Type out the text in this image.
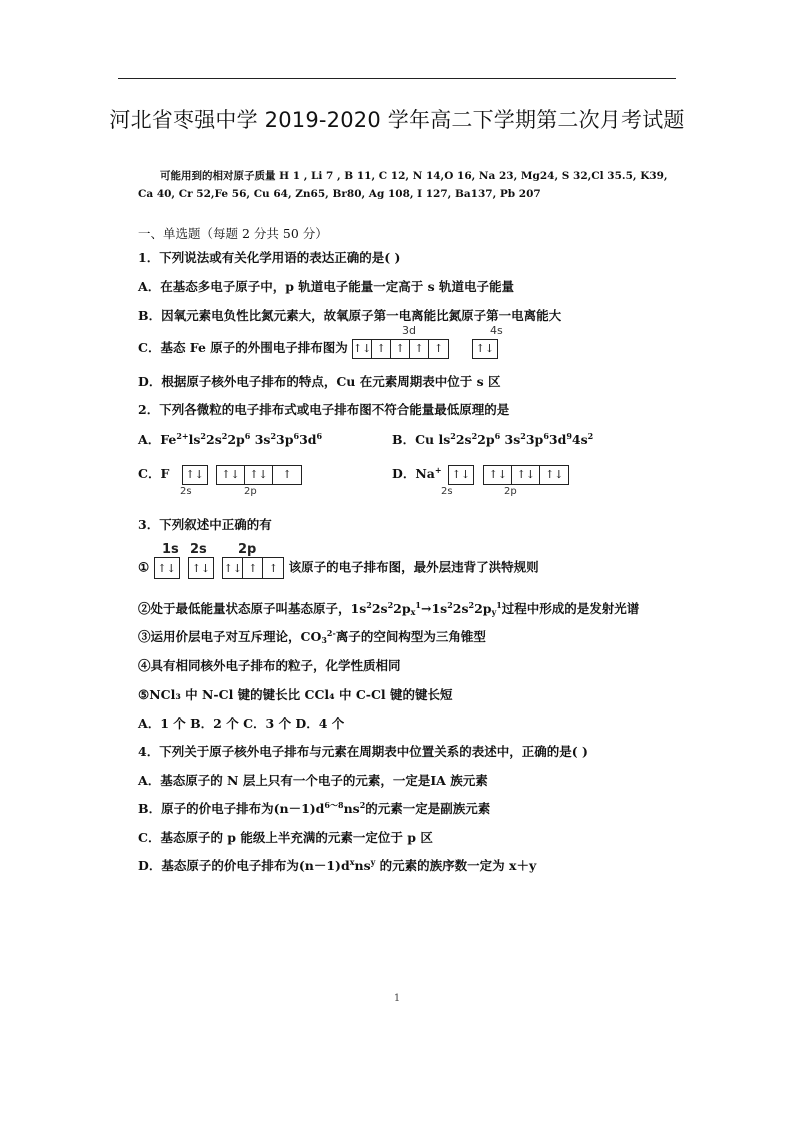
河北省枣强中学 2019-2020 学年高二下学期第二次月考试题
可能用到的相对原子质量 H 1 , Li 7 , B 11, C 12, N 14,O 16, Na 23, Mg24, S 32,Cl 35.5, K39,
Ca 40, Cr 52,Fe 56, Cu 64, Zn65, Br80, Ag 108, I 127, Ba137, Pb 207
一、单选题（每题 2 分共 50 分）
1．下列说法或有关化学用语的表达正确的是( )
A．在基态多电子原子中，p 轨道电子能量一定高于 s 轨道电子能量
B．因氧元素电负性比氮元素大，故氧原子第一电离能比氮原子第一电离能大
C．基态 Fe 原子的外围电子排布图为 ↑↓ ↑ ↑ ↑ ↑
	↑↓
3d	4s
D．根据原子核外电子排布的特点，Cu 在元素周期表中位于 s 区
2．下列各微粒的电子排布式或电子排布图不符合能量最低原理的是
A．$Fe^{2+}ls^22s^22p^6$ $3s^23p^63d^6$	B．Cu $ls^22s^22p^6$ $3s^23p^63d^94s^2$
C．F ↑↓
	↑↓ ↑↓	↑
2s	2p
D．Na+ ↑↓
	↑↓ ↑↓ ↑↓
2s	2p
3．下列叙述中正确的有
1s 2s 2p
① ↑↓
↑↓
↑↓ ↑	↑ 该原子的电子排布图，最外层违背了洪特规则
②处于最低能量状态原子叫基态原子，$1s^22s^22p_x^1\to 1s^22s^22p_y^1$过程中形成的是发射光谱
③运用价层电子对互斥理论，$CO_3^{2-}$离子的空间构型为三角锥型
④具有相同核外电子排布的粒子，化学性质相同
⑤NCl₃ 中 N-Cl 键的键长比 CCl₄ 中 C-Cl 键的键长短
A．1 个 B．2 个 C．3 个 D．4 个
4．下列关于原子核外电子排布与元素在周期表中位置关系的表述中，正确的是( )
A．基态原子的 N 层上只有一个电子的元素，一定是ⅠA 族元素
B．原子的价电子排布为$(n-1)d^{6\sim 8}ns^2$的元素一定是副族元素
C．基态原子的 p 能级上半充满的元素一定位于 p 区
D．基态原子的价电子排布为$(n-1)d^xns^y$ 的元素的族序数一定为 x＋y
1
